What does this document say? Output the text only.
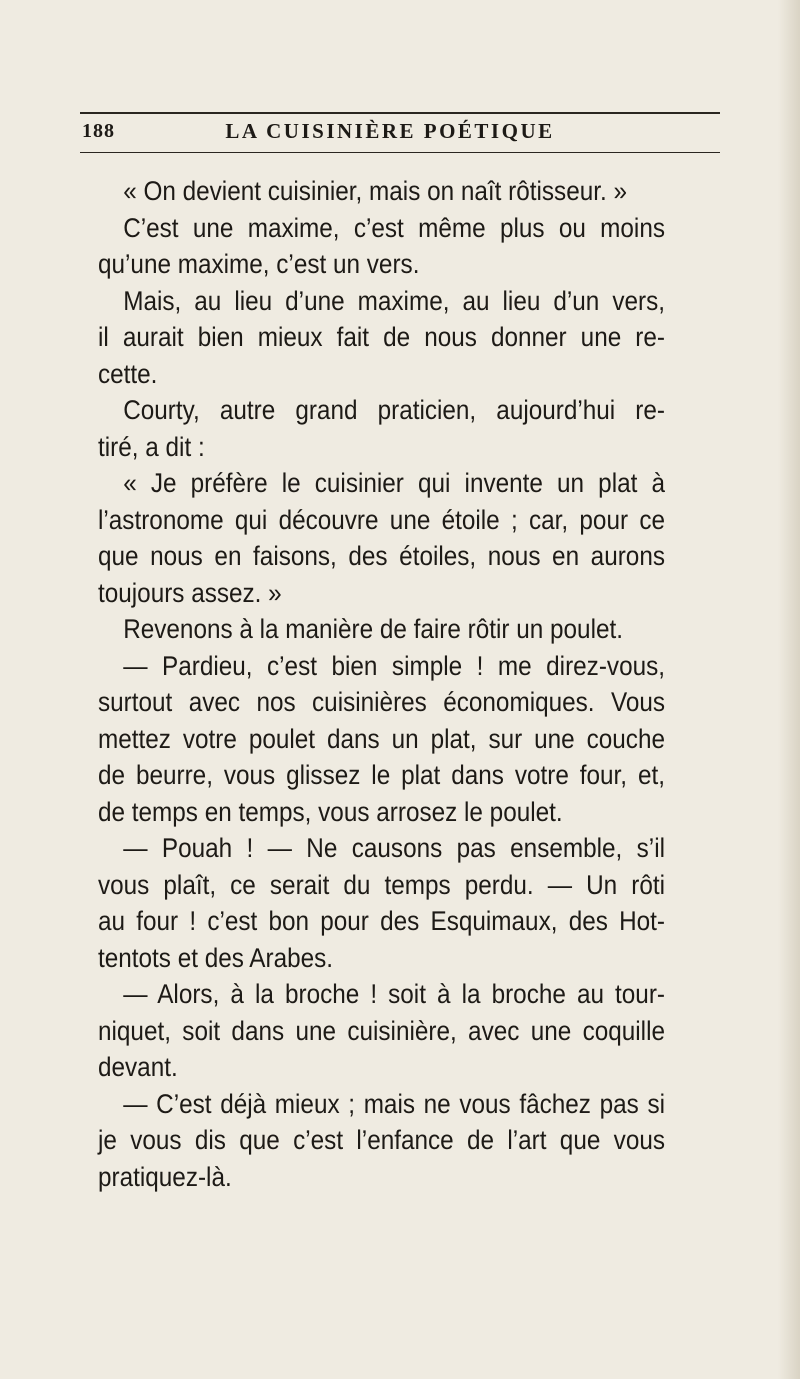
188	LA CUISINIÈRE POÉTIQUE
« On devient cuisinier, mais on naît rôtisseur. »
C’est une maxime, c’est même plus ou moins
qu’une maxime, c’est un vers.
Mais, au lieu d’une maxime, au lieu d’un vers,
il aurait bien mieux fait de nous donner une re-
cette.
Courty, autre grand praticien, aujourd’hui re-
tiré, a dit :
« Je préfère le cuisinier qui invente un plat à
l’astronome qui découvre une étoile ; car, pour ce
que nous en faisons, des étoiles, nous en aurons
toujours assez. »
Revenons à la manière de faire rôtir un poulet.
— Pardieu, c’est bien simple ! me direz-vous,
surtout avec nos cuisinières économiques. Vous
mettez votre poulet dans un plat, sur une couche
de beurre, vous glissez le plat dans votre four, et,
de temps en temps, vous arrosez le poulet.
— Pouah ! — Ne causons pas ensemble, s’il
vous plaît, ce serait du temps perdu. — Un rôti
au four ! c’est bon pour des Esquimaux, des Hot-
tentots et des Arabes.
— Alors, à la broche ! soit à la broche au tour-
niquet, soit dans une cuisinière, avec une coquille
devant.
— C’est déjà mieux ; mais ne vous fâchez pas si
je vous dis que c’est l’enfance de l’art que vous
pratiquez-là.
